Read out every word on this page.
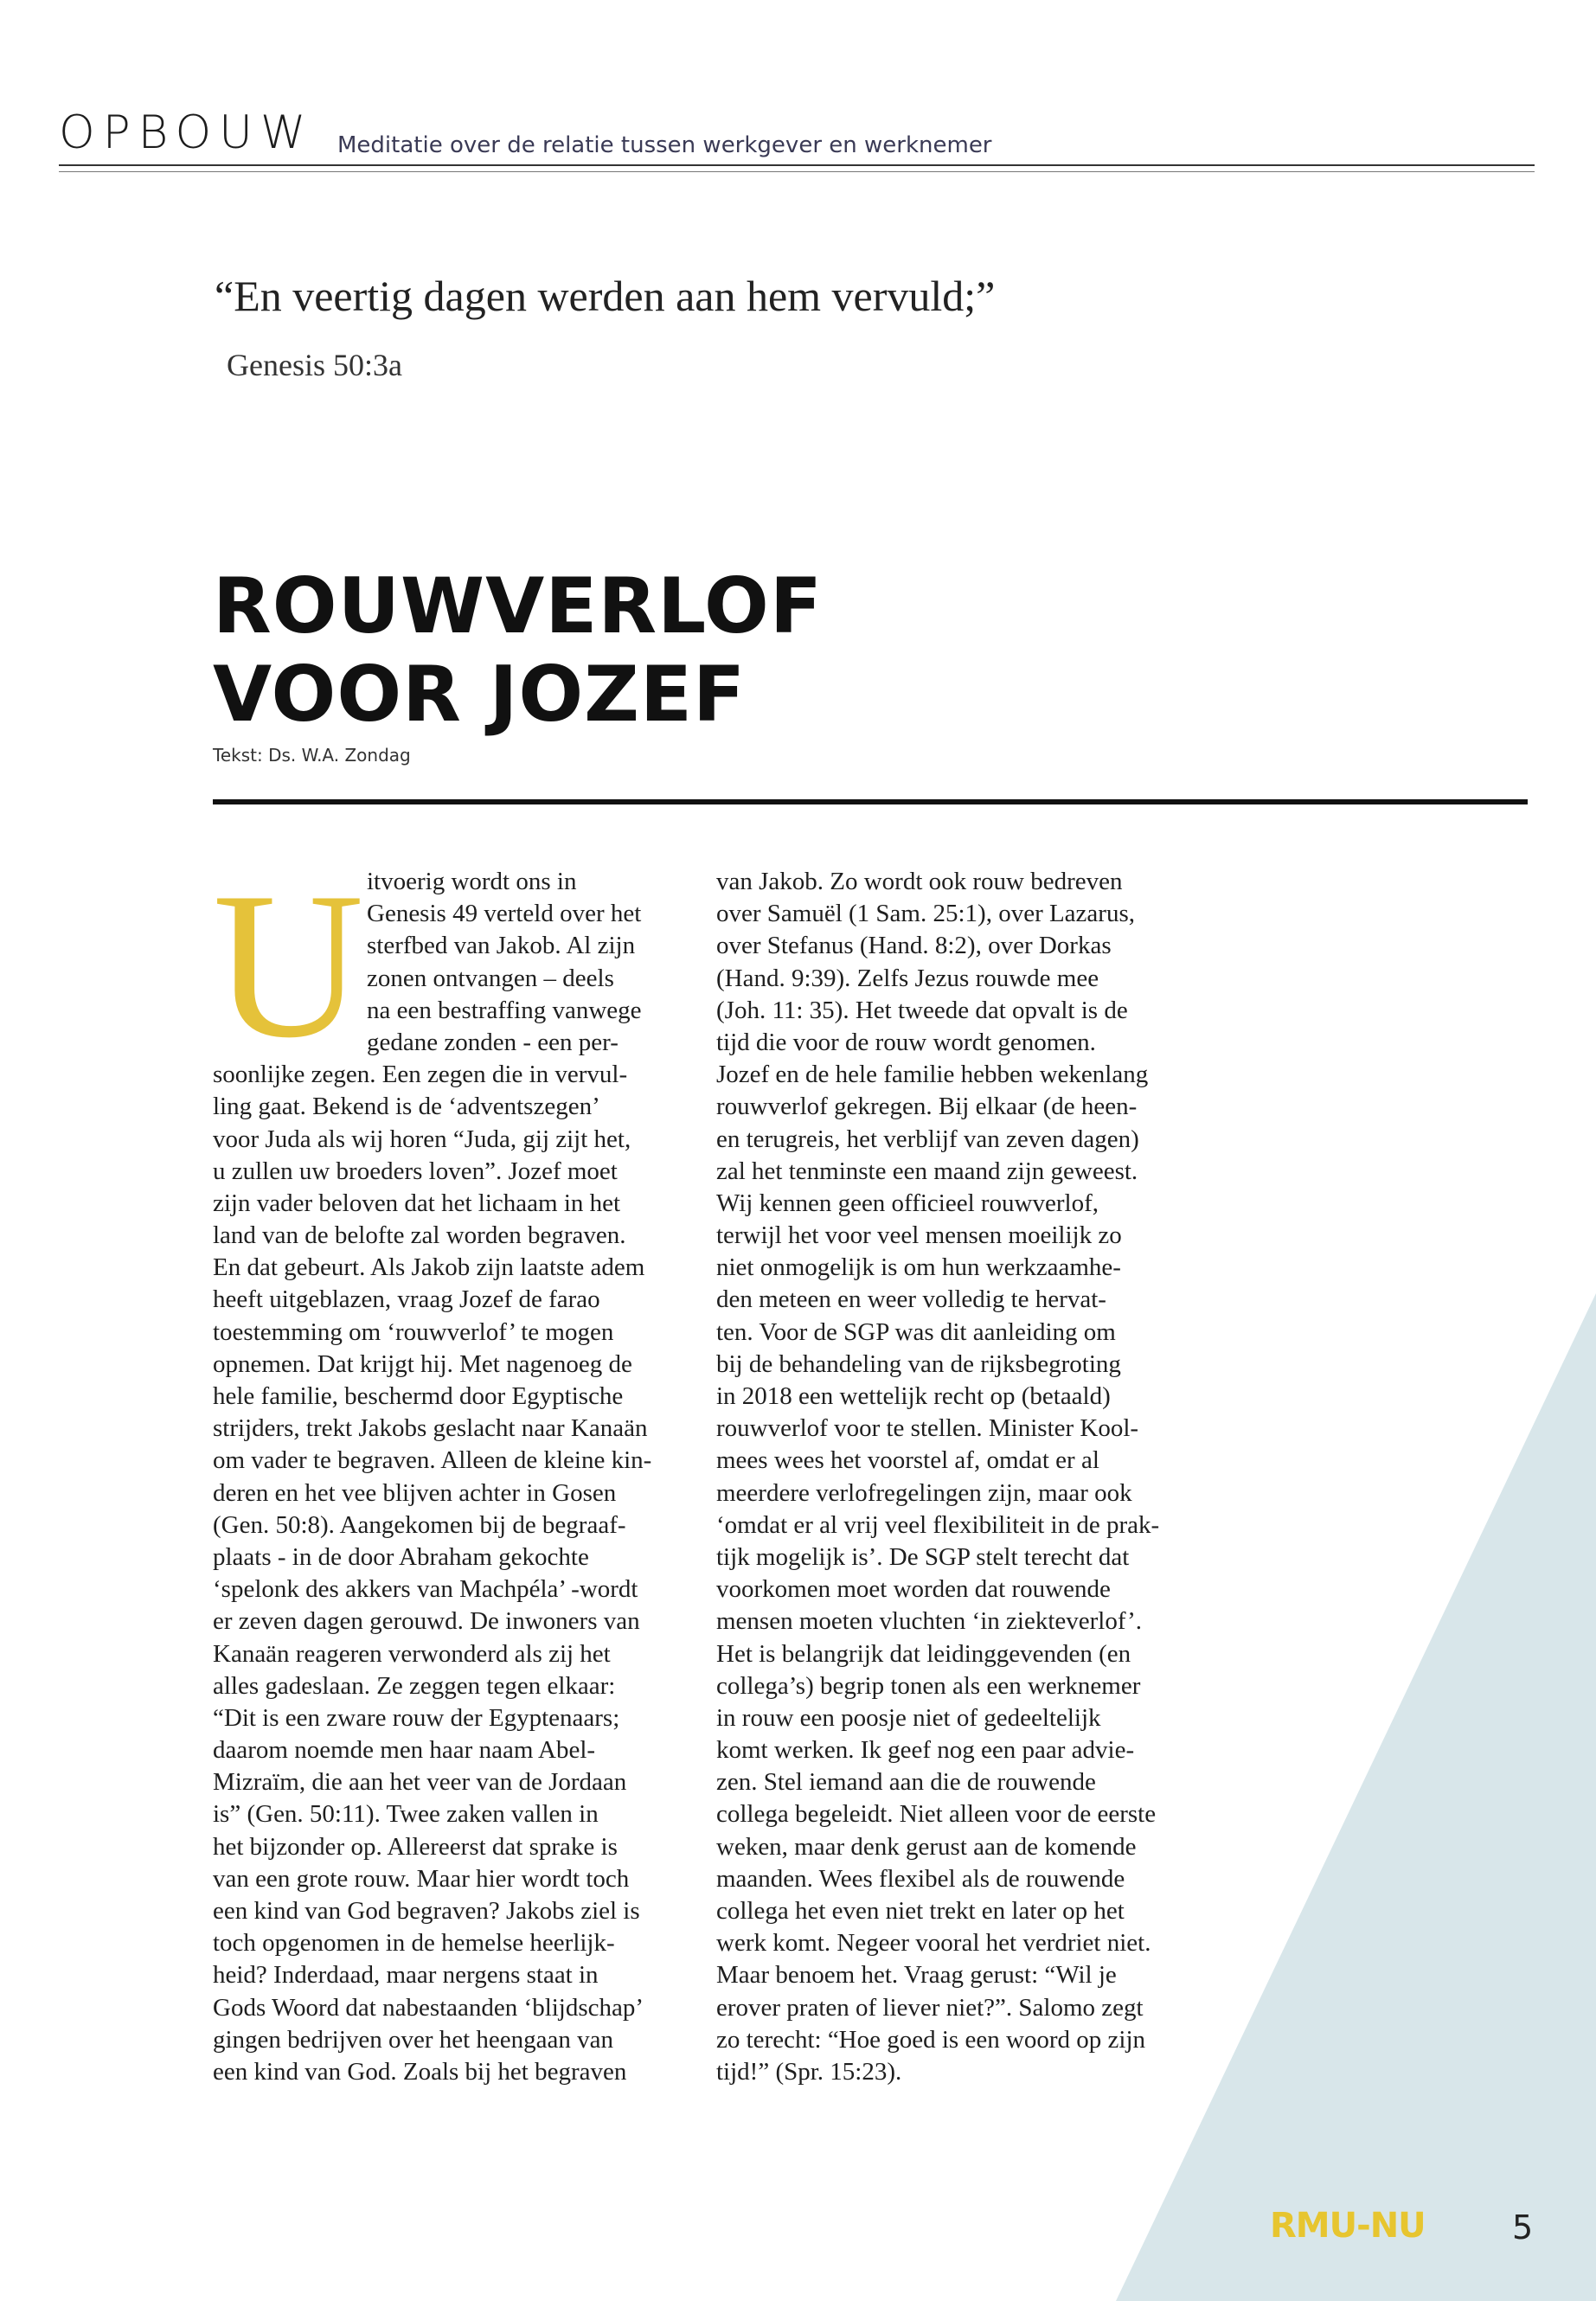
OPBOUW Meditatie over de relatie tussen werkgever en werknemer
“En veertig dagen werden aan hem vervuld;”
Genesis 50:3a
ROUWVERLOF
VOOR JOZEF
Tekst: Ds. W.A. Zondag
U itvoerig wordt ons in
Genesis 49 verteld over het
sterfbed van Jakob. Al zijn
zonen ontvangen – deels
na een bestraffing vanwege
gedane zonden - een per-
soonlijke zegen. Een zegen die in vervul-
ling gaat. Bekend is de ‘adventszegen’
voor Juda als wij horen “Juda, gij zijt het,
u zullen uw broeders loven”. Jozef moet
zijn vader beloven dat het lichaam in het
land van de belofte zal worden begraven.
En dat gebeurt. Als Jakob zijn laatste adem
heeft uitgeblazen, vraag Jozef de farao
toestemming om ‘rouwverlof’ te mogen
opnemen. Dat krijgt hij. Met nagenoeg de
hele familie, beschermd door Egyptische
strijders, trekt Jakobs geslacht naar Kanaän
om vader te begraven. Alleen de kleine kin-
deren en het vee blijven achter in Gosen
(Gen. 50:8). Aangekomen bij de begraaf-
plaats - in de door Abraham gekochte
‘spelonk des akkers van Machpéla’ -wordt
er zeven dagen gerouwd. De inwoners van
Kanaän reageren verwonderd als zij het
alles gadeslaan. Ze zeggen tegen elkaar:
“Dit is een zware rouw der Egyptenaars;
daarom noemde men haar naam Abel-
Mizraïm, die aan het veer van de Jordaan
is” (Gen. 50:11). Twee zaken vallen in
het bijzonder op. Allereerst dat sprake is
van een grote rouw. Maar hier wordt toch
een kind van God begraven? Jakobs ziel is
toch opgenomen in de hemelse heerlijk-
heid? Inderdaad, maar nergens staat in
Gods Woord dat nabestaanden ‘blijdschap’
gingen bedrijven over het heengaan van
een kind van God. Zoals bij het begraven
van Jakob. Zo wordt ook rouw bedreven
over Samuël (1 Sam. 25:1), over Lazarus,
over Stefanus (Hand. 8:2), over Dorkas
(Hand. 9:39). Zelfs Jezus rouwde mee
(Joh. 11: 35). Het tweede dat opvalt is de
tijd die voor de rouw wordt genomen.
Jozef en de hele familie hebben wekenlang
rouwverlof gekregen. Bij elkaar (de heen-
en terugreis, het verblijf van zeven dagen)
zal het tenminste een maand zijn geweest.
Wij kennen geen officieel rouwverlof,
terwijl het voor veel mensen moeilijk zo
niet onmogelijk is om hun werkzaamhe-
den meteen en weer volledig te hervat-
ten. Voor de SGP was dit aanleiding om
bij de behandeling van de rijksbegroting
in 2018 een wettelijk recht op (betaald)
rouwverlof voor te stellen. Minister Kool-
mees wees het voorstel af, omdat er al
meerdere verlofregelingen zijn, maar ook
‘omdat er al vrij veel flexibiliteit in de prak-
tijk mogelijk is’. De SGP stelt terecht dat
voorkomen moet worden dat rouwende
mensen moeten vluchten ‘in ziekteverlof’.
Het is belangrijk dat leidinggevenden (en
collega’s) begrip tonen als een werknemer
in rouw een poosje niet of gedeeltelijk
komt werken. Ik geef nog een paar advie-
zen. Stel iemand aan die de rouwende
collega begeleidt. Niet alleen voor de eerste
weken, maar denk gerust aan de komende
maanden. Wees flexibel als de rouwende
collega het even niet trekt en later op het
werk komt. Negeer vooral het verdriet niet.
Maar benoem het. Vraag gerust: “Wil je
erover praten of liever niet?”. Salomo zegt
zo terecht: “Hoe goed is een woord op zijn
tijd!” (Spr. 15:23).
RMU-NU	5
